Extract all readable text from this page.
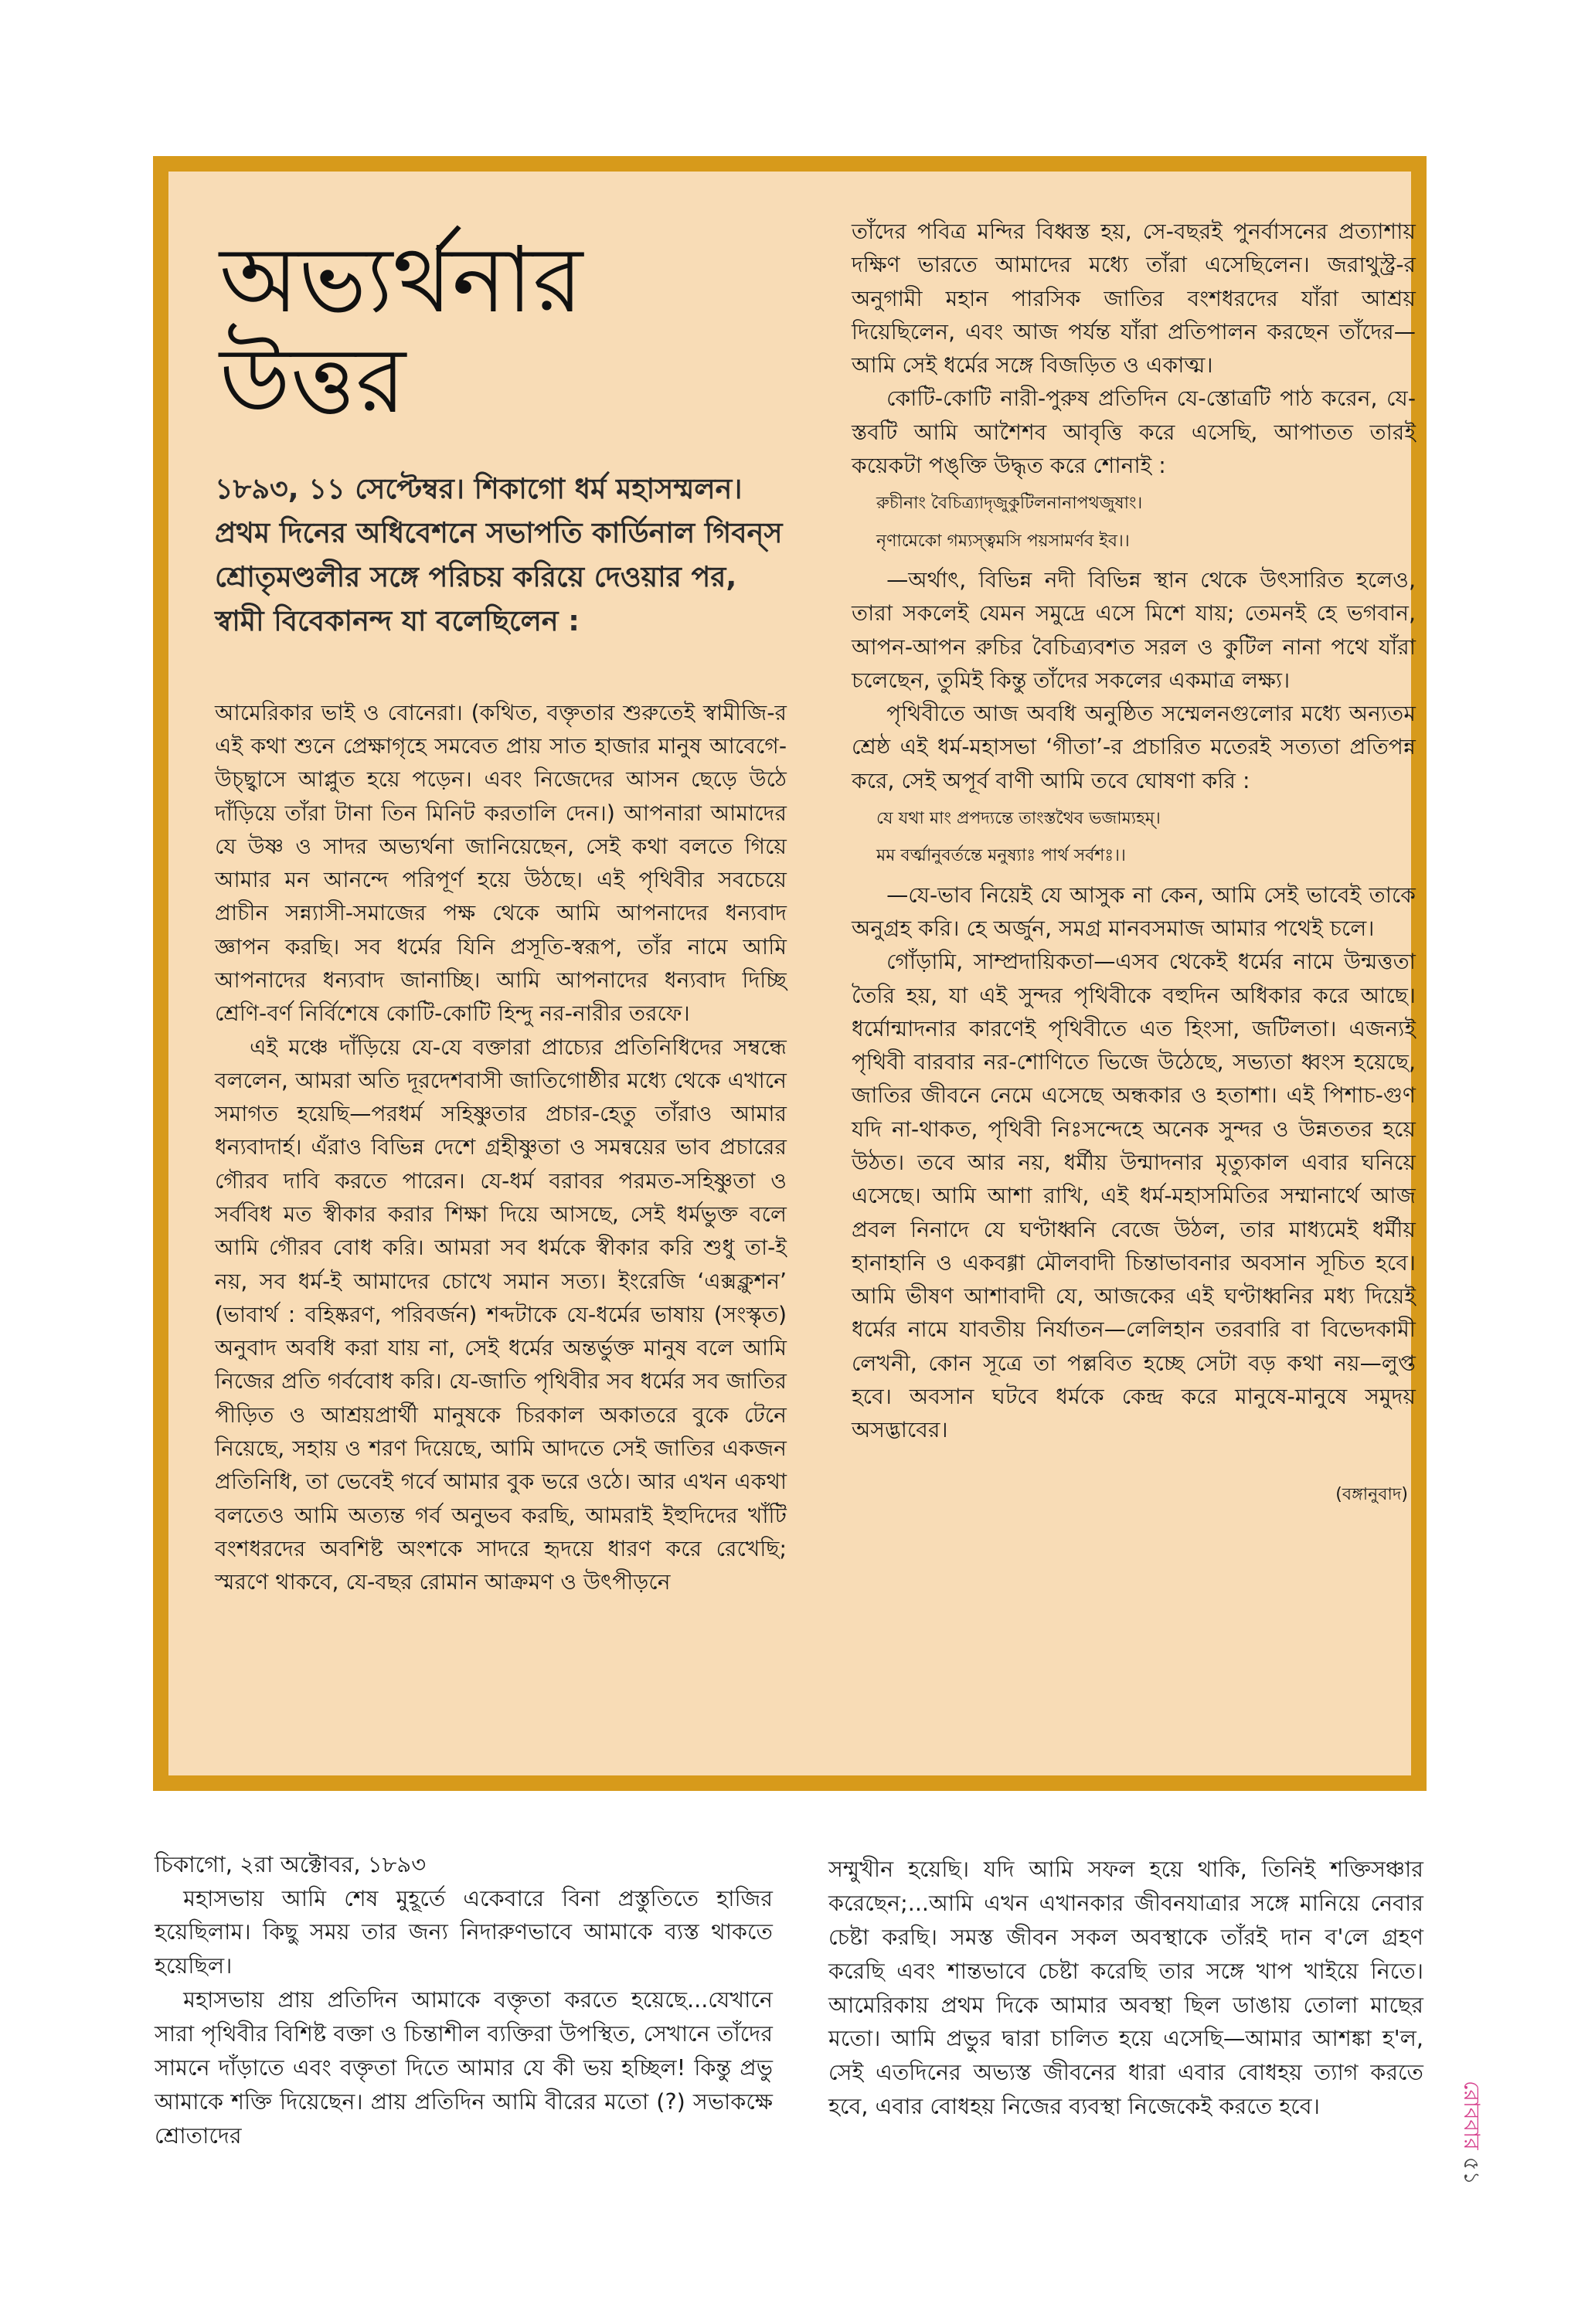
অভ্যর্থনার উত্তর
১৮৯৩, ১১ সেপ্টেম্বর। শিকাগো ধর্ম মহাসম্মলন। প্রথম দিনের অধিবেশনে সভাপতি কার্ডিনাল গিবন্‌স শ্রোতৃমণ্ডলীর সঙ্গে পরিচয় করিয়ে দেওয়ার পর, স্বামী বিবেকানন্দ যা বলেছিলেন :

আমেরিকার ভাই ও বোনেরা। (কথিত, বক্তৃতার শুরুতেই স্বামীজি-র এই কথা শুনে প্রেক্ষাগৃহে সমবেত প্রায় সাত হাজার মানুষ আবেগে-উচ্ছ্বাসে আপ্লুত হয়ে পড়েন। এবং নিজেদের আসন ছেড়ে উঠে দাঁড়িয়ে তাঁরা টানা তিন মিনিট করতালি দেন।) আপনারা আমাদের যে উষ্ণ ও সাদর অভ্যর্থনা জানিয়েছেন, সেই কথা বলতে গিয়ে আমার মন আনন্দে পরিপূর্ণ হয়ে উঠছে। এই পৃথিবীর সবচেয়ে প্রাচীন সন্ন্যাসী-সমাজের পক্ষ থেকে আমি আপনাদের ধন্যবাদ জ্ঞাপন করছি। সব ধর্মের যিনি প্রসূতি-স্বরূপ, তাঁর নামে আমি আপনাদের ধন্যবাদ জানাচ্ছি। আমি আপনাদের ধন্যবাদ দিচ্ছি শ্রেণি-বর্ণ নির্বিশেষে কোটি-কোটি হিন্দু নর-নারীর তরফে।

এই মঞ্চে দাঁড়িয়ে যে-যে বক্তারা প্রাচ্যের প্রতিনিধিদের সম্বন্ধে বললেন, আমরা অতি দূরদেশবাসী জাতিগোষ্ঠীর মধ্যে থেকে এখানে সমাগত হয়েছি—পরধর্ম সহিষ্ণুতার প্রচার-হেতু তাঁরাও আমার ধন্যবাদার্হ। এঁরাও বিভিন্ন দেশে গ্রহীষ্ণুতা ও সমন্বয়ের ভাব প্রচারের গৌরব দাবি করতে পারেন। যে-ধর্ম বরাবর পরমত-সহিষ্ণুতা ও সর্ববিধ মত স্বীকার করার শিক্ষা দিয়ে আসছে, সেই ধর্মভুক্ত বলে আমি গৌরব বোধ করি। আমরা সব ধর্মকে স্বীকার করি শুধু তা-ই নয়, সব ধর্ম-ই আমাদের চোখে সমান সত্য। ইংরেজি ‘এক্সক্লুশন’ (ভাবার্থ : বহিষ্করণ, পরিবর্জন) শব্দটাকে যে-ধর্মের ভাষায় (সংস্কৃত) অনুবাদ অবধি করা যায় না, সেই ধর্মের অন্তর্ভুক্ত মানুষ বলে আমি নিজের প্রতি গর্ববোধ করি। যে-জাতি পৃথিবীর সব ধর্মের সব জাতির পীড়িত ও আশ্রয়প্রার্থী মানুষকে চিরকাল অকাতরে বুকে টেনে নিয়েছে, সহায় ও শরণ দিয়েছে, আমি আদতে সেই জাতির একজন প্রতিনিধি, তা ভেবেই গর্বে আমার বুক ভরে ওঠে। আর এখন একথা বলতেও আমি অত্যন্ত গর্ব অনুভব করছি, আমরাই ইহুদিদের খাঁটি বংশধরদের অবশিষ্ট অংশকে সাদরে হৃদয়ে ধারণ করে রেখেছি; স্মরণে থাকবে, যে-বছর রোমান আক্রমণ ও উৎপীড়নে

তাঁদের পবিত্র মন্দির বিধ্বস্ত হয়, সে-বছরই পুনর্বাসনের প্রত্যাশায় দক্ষিণ ভারতে আমাদের মধ্যে তাঁরা এসেছিলেন। জরাথুস্ট্র-র অনুগামী মহান পারসিক জাতির বংশধরদের যাঁরা আশ্রয় দিয়েছিলেন, এবং আজ পর্যন্ত যাঁরা প্রতিপালন করছেন তাঁদের—আমি সেই ধর্মের সঙ্গে বিজড়িত ও একাত্ম।

কোটি-কোটি নারী-পুরুষ প্রতিদিন যে-স্তোত্রটি পাঠ করেন, যে-স্তবটি আমি আশৈশব আবৃত্তি করে এসেছি, আপাতত তারই কয়েকটা পঙ্‌ক্তি উদ্ধৃত করে শোনাই :

রুচীনাং বৈচিত্র্যাদৃজুকুটিলনানাপথজুষাং।
নৃণামেকো গম্যস্ত্বমসি পয়সামর্ণব ইব।।

—অর্থাৎ, বিভিন্ন নদী বিভিন্ন স্থান থেকে উৎসারিত হলেও, তারা সকলেই যেমন সমুদ্রে এসে মিশে যায়; তেমনই হে ভগবান, আপন-আপন রুচির বৈচিত্র্যবশত সরল ও কুটিল নানা পথে যাঁরা চলেছেন, তুমিই কিন্তু তাঁদের সকলের একমাত্র লক্ষ্য।

পৃথিবীতে আজ অবধি অনুষ্ঠিত সম্মেলনগুলোর মধ্যে অন্যতম শ্রেষ্ঠ এই ধর্ম-মহাসভা ‘গীতা’-র প্রচারিত মতেরই সত্যতা প্রতিপন্ন করে, সেই অপূর্ব বাণী আমি তবে ঘোষণা করি :

যে যথা মাং প্রপদ্যন্তে তাংস্তথৈব ভজাম্যহম্।
মম বর্ত্মানুবর্তন্তে মনুষ্যাঃ পার্থ সর্বশঃ।।

—যে-ভাব নিয়েই যে আসুক না কেন, আমি সেই ভাবেই তাকে অনুগ্রহ করি। হে অর্জুন, সমগ্র মানবসমাজ আমার পথেই চলে।

গোঁড়ামি, সাম্প্রদায়িকতা—এসব থেকেই ধর্মের নামে উন্মত্ততা তৈরি হয়, যা এই সুন্দর পৃথিবীকে বহুদিন অধিকার করে আছে। ধর্মোন্মাদনার কারণেই পৃথিবীতে এত হিংসা, জটিলতা। এজন্যই পৃথিবী বারবার নর-শোণিতে ভিজে উঠেছে, সভ্যতা ধ্বংস হয়েছে, জাতির জীবনে নেমে এসেছে অন্ধকার ও হতাশা। এই পিশাচ-গুণ যদি না-থাকত, পৃথিবী নিঃসন্দেহে অনেক সুন্দর ও উন্নততর হয়ে উঠত। তবে আর নয়, ধর্মীয় উন্মাদনার মৃত্যুকাল এবার ঘনিয়ে এসেছে। আমি আশা রাখি, এই ধর্ম-মহাসমিতির সম্মানার্থে আজ প্রবল নিনাদে যে ঘণ্টাধ্বনি বেজে উঠল, তার মাধ্যমেই ধর্মীয় হানাহানি ও একবগ্গা মৌলবাদী চিন্তাভাবনার অবসান সূচিত হবে। আমি ভীষণ আশাবাদী যে, আজকের এই ঘণ্টাধ্বনির মধ্য দিয়েই ধর্মের নামে যাবতীয় নির্যাতন—লেলিহান তরবারি বা বিভেদকামী লেখনী, কোন সূত্রে তা পল্লবিত হচ্ছে সেটা বড় কথা নয়—লুপ্ত হবে। অবসান ঘটবে ধর্মকে কেন্দ্র করে মানুষে-মানুষে সমুদয় অসদ্ভাবের।

(বঙ্গানুবাদ)
চিকাগো, ২রা অক্টোবর, ১৮৯৩

মহাসভায় আমি শেষ মুহূর্তে একেবারে বিনা প্রস্তুতিতে হাজির হয়েছিলাম। কিছু সময় তার জন্য নিদারুণভাবে আমাকে ব্যস্ত থাকতে হয়েছিল।

মহাসভায় প্রায় প্রতিদিন আমাকে বক্তৃতা করতে হয়েছে...যেখানে সারা পৃথিবীর বিশিষ্ট বক্তা ও চিন্তাশীল ব্যক্তিরা উপস্থিত, সেখানে তাঁদের সামনে দাঁড়াতে এবং বক্তৃতা দিতে আমার যে কী ভয় হচ্ছিল! কিন্তু প্রভু আমাকে শক্তি দিয়েছেন। প্রায় প্রতিদিন আমি বীরের মতো (?) সভাকক্ষে শ্রোতাদের

সম্মুখীন হয়েছি। যদি আমি সফল হয়ে থাকি, তিনিই শক্তিসঞ্চার করেছেন;...আমি এখন এখানকার জীবনযাত্রার সঙ্গে মানিয়ে নেবার চেষ্টা করছি। সমস্ত জীবন সকল অবস্থাকে তাঁরই দান ব'লে গ্রহণ করেছি এবং শান্তভাবে চেষ্টা করেছি তার সঙ্গে খাপ খাইয়ে নিতে। আমেরিকায় প্রথম দিকে আমার অবস্থা ছিল ডাঙায় তোলা মাছের মতো। আমি প্রভুর দ্বারা চালিত হয়ে এসেছি—আমার আশঙ্কা হ'ল, সেই এতদিনের অভ্যস্ত জীবনের ধারা এবার বোধহয় ত্যাগ করতে হবে, এবার বোধহয় নিজের ব্যবস্থা নিজেকেই করতে হবে।	রোববার ৫১
